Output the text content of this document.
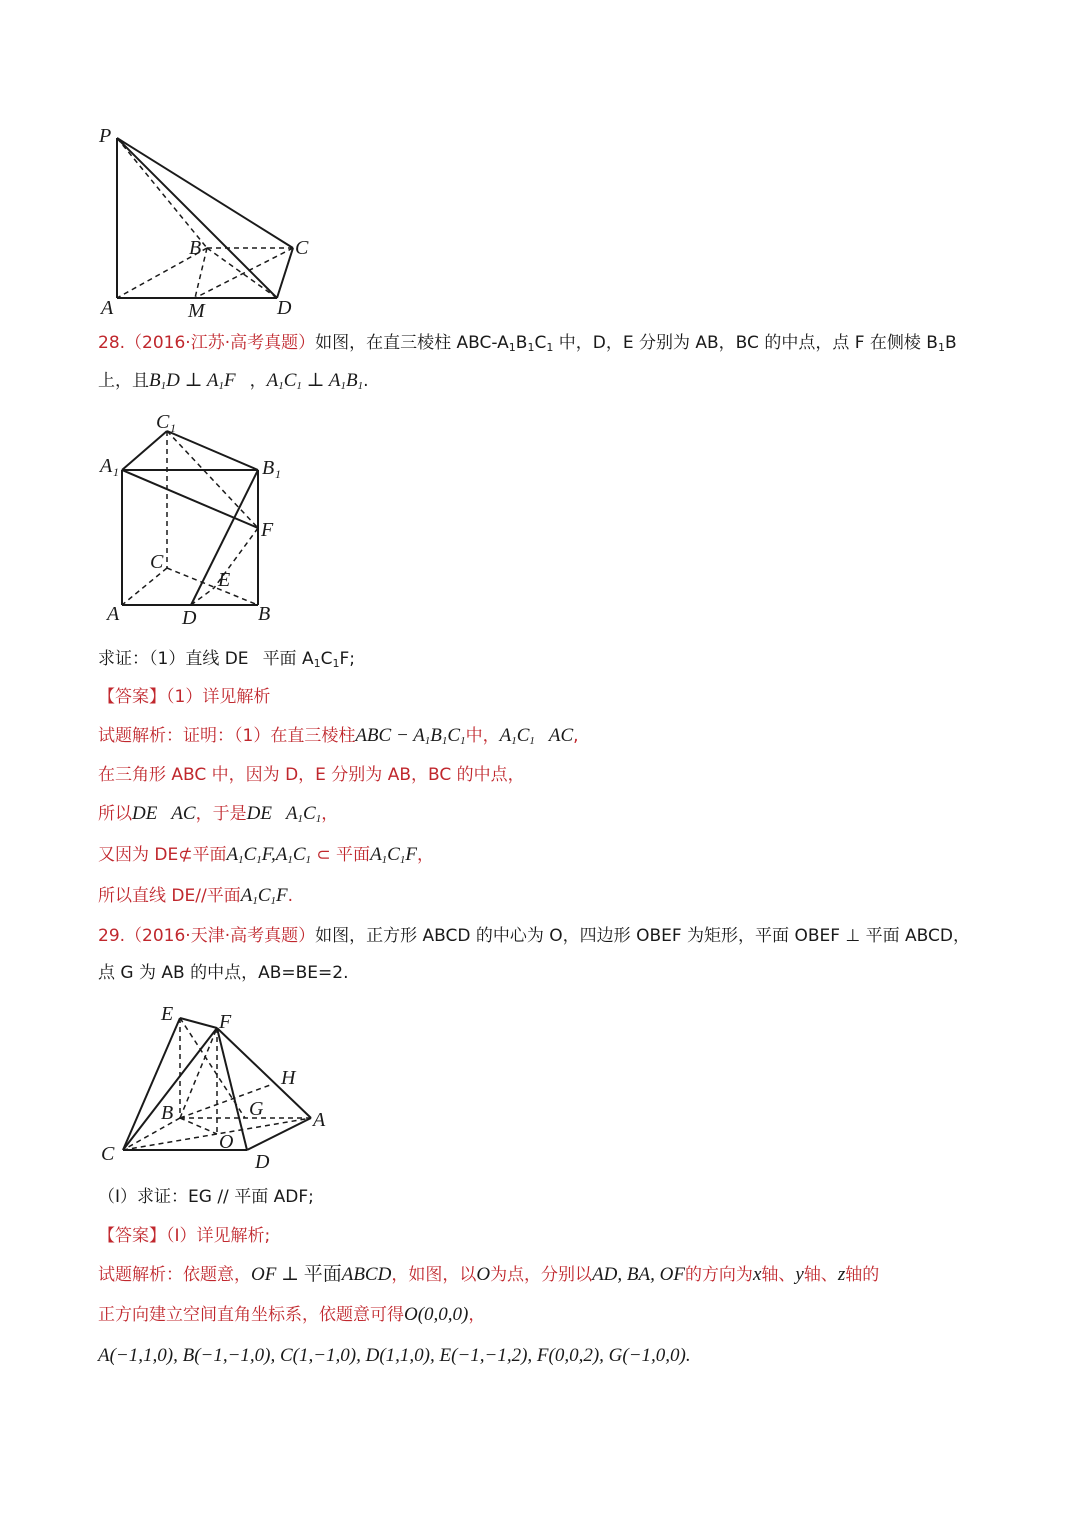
P
B	C
A	M	D
28.（2016·江苏·高考真题）如图，在直三棱柱 ABC-$A_1B_1C_1$ 中，D，E 分别为 AB，BC 的中点，点 F 在侧棱 $B_1B$
上，且$B_1D$ ⊥ $A_1F$ ，$A_1C_1$ ⊥ $A_1B_1$.
C 1
A 1	B 1
F
C
E
A	D	B
求证：（1）直线 DE 平面 $A_1C_1F$;
【答案】（1）详见解析
试题解析：证明：（1）在直三棱柱ABC − $A_1B_1C_1$中，$A_1C_1$ AC,
在三角形 ABC 中，因为 D，E 分别为 AB，BC 的中点，
所以DE AC，于是DE $A_1C_1$，
又因为 DE⊄平面$A_1C_1F,A_1C_1$ ⊂ 平面$A_1C_1F$，
所以直线 DE//平面$A_1C_1F$.
29.（2016·天津·高考真题）如图，正方形 ABCD 的中心为 O，四边形 OBEF 为矩形，平面 OBEF ⊥ 平面 ABCD，
点 G 为 AB 的中点，AB=BE=2.
E F
H
B	G A
O
C	D
（Ⅰ）求证：EG // 平面 ADF;
【答案】（Ⅰ）详见解析;
试题解析：依题意，OF ⊥ 平面ABCD，如图，以O为点，分别以AD, BA, OF的方向为x轴、y轴、z轴的
正方向建立空间直角坐标系，依题意可得O(0,0,0)，
A(−1,1,0), B(−1,−1,0), C(1,−1,0), D(1,1,0), E(−1,−1,2), F(0,0,2), G(−1,0,0).
